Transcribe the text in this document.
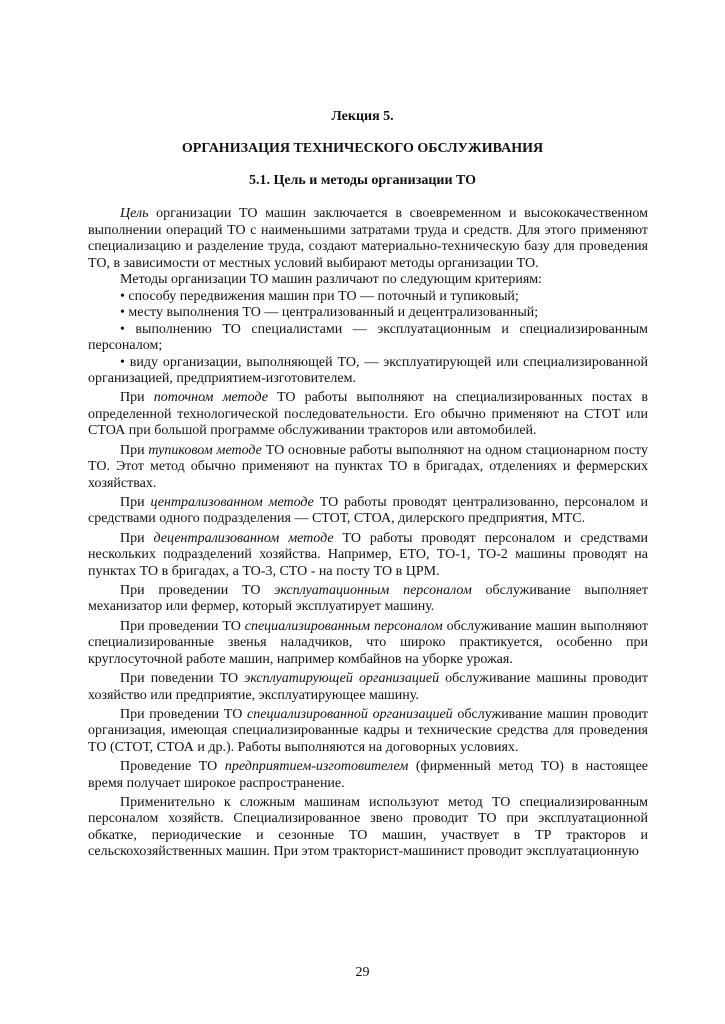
Лекция 5.
ОРГАНИЗАЦИЯ ТЕХНИЧЕСКОГО ОБСЛУЖИВАНИЯ
5.1. Цель и методы организации ТО

Цель организации ТО машин заключается в своевременном и высококачественном выполнении операций ТО с наименьшими затратами труда и средств. Для этого применяют специализацию и разделение труда, создают материально-техническую базу для проведения ТО, в зависимости от местных условий выбирают методы организации ТО.

Методы организации ТО машин различают по следующим критериям:

• способу передвижения машин при ТО — поточный и тупиковый;

• месту выполнения ТО — централизованный и децентрализованный;

• выполнению ТО специалистами — эксплуатационным и специализированным персоналом;

• виду организации, выполняющей ТО, — эксплуатирующей или специализированной организацией, предприятием-изготовителем.

При поточном методе ТО работы выполняют на специализированных постах в определенной технологической последовательности. Его обычно применяют на СТОТ или СТОА при большой программе обслуживании тракторов или автомобилей.

При тупиковом методе ТО основные работы выполняют на одном стационарном посту ТО. Этот метод обычно применяют на пунктах ТО в бригадах, отделениях и фермерских хозяйствах.

При централизованном методе ТО работы проводят централизованно, персоналом и средствами одного подразделения — СТОТ, СТОА, дилерского предприятия, МТС.

При децентрализованном методе ТО работы проводят персоналом и средствами нескольких подразделений хозяйства. Например, ЕТО, ТО-1, ТО-2 машины проводят на пунктах ТО в бригадах, а ТО-3, СТО - на посту ТО в ЦРМ.

При проведении ТО эксплуатационным персоналом обслуживание выполняет механизатор или фермер, который эксплуатирует машину.

При проведении ТО специализированным персоналом обслуживание машин выполняют специализированные звенья наладчиков, что широко практикуется, особенно при круглосуточной работе машин, например комбайнов на уборке урожая.

При поведении ТО эксплуатирующей организацией обслуживание машины проводит хозяйство или предприятие, эксплуатирующее машину.

При проведении ТО специализированной организацией обслуживание машин проводит организация, имеющая специализированные кадры и технические средства для проведения ТО (СТОТ, СТОА и др.). Работы выполняются на договорных условиях.

Проведение ТО предприятием-изготовителем (фирменный метод ТО) в настоящее время получает широкое распространение.

Применительно к сложным машинам используют метод ТО специализированным персоналом хозяйств. Специализированное звено проводит ТО при эксплуатационной обкатке, периодические и сезонные ТО машин, участвует в ТР тракторов и сельскохозяйственных машин. При этом тракторист-машинист проводит эксплуатационную

29
